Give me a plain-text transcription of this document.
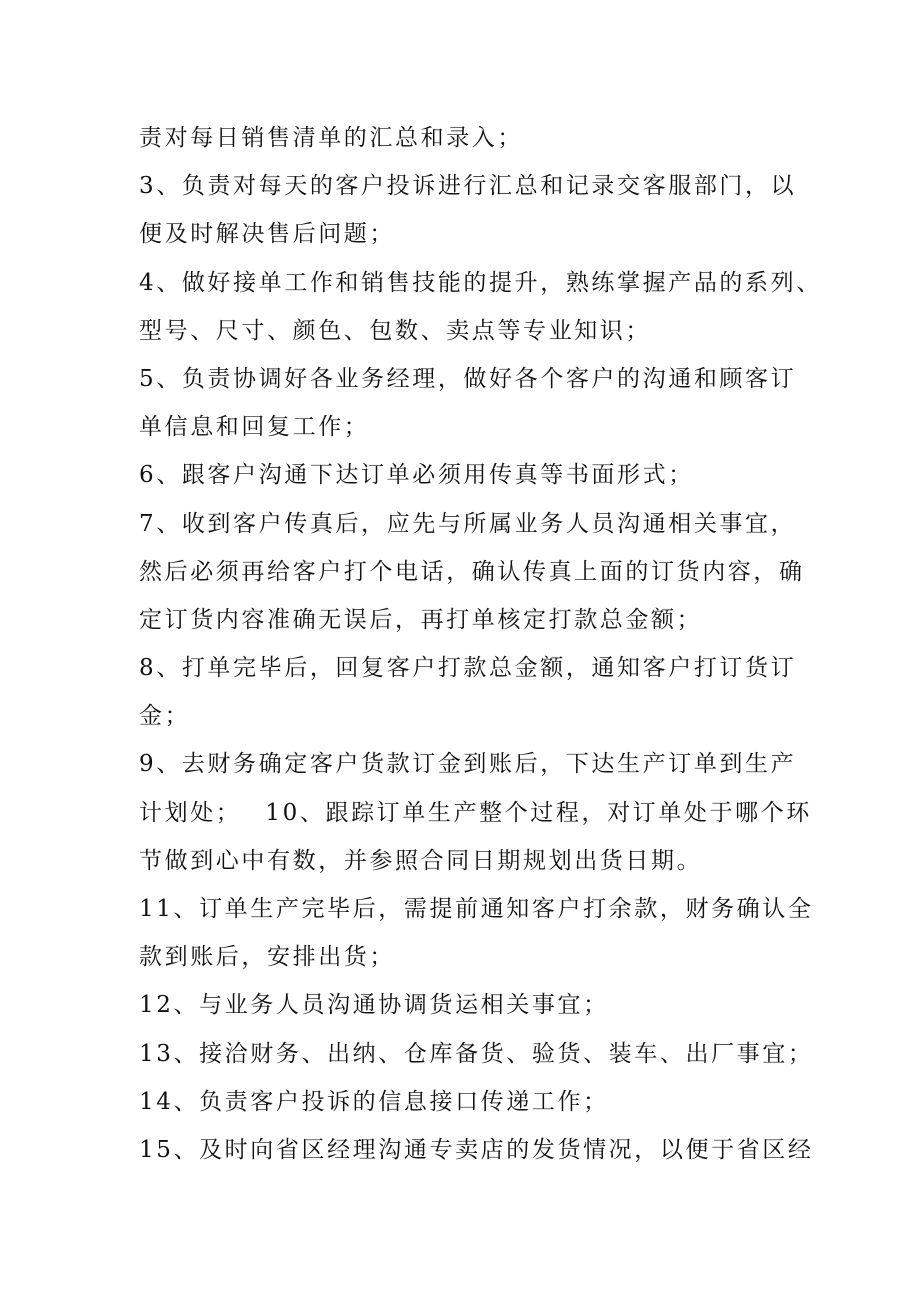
责对每日销售清单的汇总和录入；
3、负责对每天的客户投诉进行汇总和记录交客服部门，以
便及时解决售后问题；
4、做好接单工作和销售技能的提升，熟练掌握产品的系列、
型号、尺寸、颜色、包数、卖点等专业知识；
5、负责协调好各业务经理，做好各个客户的沟通和顾客订
单信息和回复工作；
6、跟客户沟通下达订单必须用传真等书面形式；
7、收到客户传真后，应先与所属业务人员沟通相关事宜，
然后必须再给客户打个电话，确认传真上面的订货内容，确
定订货内容准确无误后，再打单核定打款总金额；
8、打单完毕后，回复客户打款总金额，通知客户打订货订
金；
9、去财务确定客户货款订金到账后，下达生产订单到生产
计划处；　 10、跟踪订单生产整个过程，对订单处于哪个环
节做到心中有数，并参照合同日期规划出货日期。
11、订单生产完毕后，需提前通知客户打余款，财务确认全
款到账后，安排出货；
12、与业务人员沟通协调货运相关事宜；
13、接洽财务、出纳、仓库备货、验货、装车、出厂事宜；
14、负责客户投诉的信息接口传递工作；
15、及时向省区经理沟通专卖店的发货情况，以便于省区经
